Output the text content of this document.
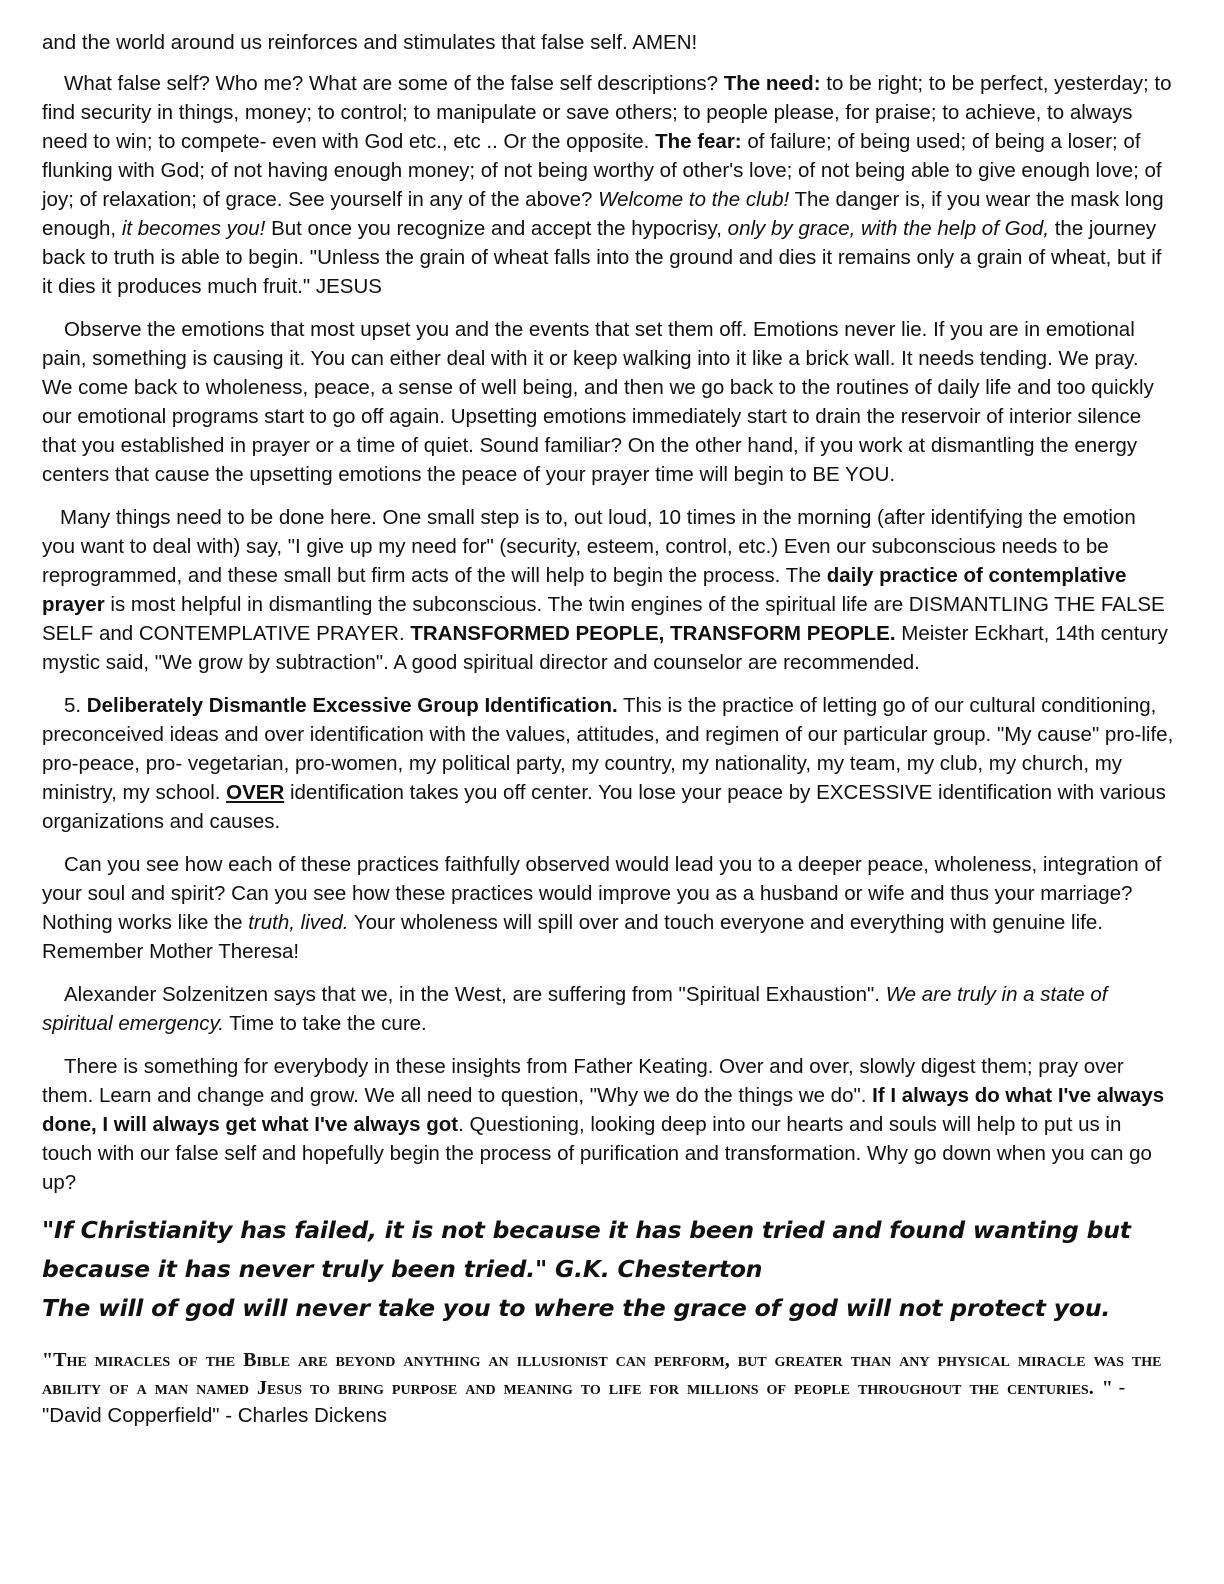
and the world around us reinforces and stimulates that false self. AMEN!

What false self? Who me? What are some of the false self descriptions? The need: to be right; to be perfect, yesterday; to find security in things, money; to control; to manipulate or save others; to people please, for praise; to achieve, to always need to win; to compete- even with God etc., etc .. Or the opposite. The fear: of failure; of being used; of being a loser; of flunking with God; of not having enough money; of not being worthy of other's love; of not being able to give enough love; of joy; of relaxation; of grace. See yourself in any of the above? Welcome to the club! The danger is, if you wear the mask long enough, it becomes you! But once you recognize and accept the hypocrisy, only by grace, with the help of God, the journey back to truth is able to begin. "Unless the grain of wheat falls into the ground and dies it remains only a grain of wheat, but if it dies it produces much fruit." JESUS

Observe the emotions that most upset you and the events that set them off. Emotions never lie. If you are in emotional pain, something is causing it. You can either deal with it or keep walking into it like a brick wall. It needs tending. We pray. We come back to wholeness, peace, a sense of well being, and then we go back to the routines of daily life and too quickly our emotional programs start to go off again. Upsetting emotions immediately start to drain the reservoir of interior silence that you established in prayer or a time of quiet. Sound familiar? On the other hand, if you work at dismantling the energy centers that cause the upsetting emotions the peace of your prayer time will begin to BE YOU.

Many things need to be done here. One small step is to, out loud, 10 times in the morning (after identifying the emotion you want to deal with) say, "I give up my need for" (security, esteem, control, etc.) Even our subconscious needs to be reprogrammed, and these small but firm acts of the will help to begin the process. The daily practice of contemplative prayer is most helpful in dismantling the subconscious. The twin engines of the spiritual life are DISMANTLING THE FALSE SELF and CONTEMPLATIVE PRAYER. TRANSFORMED PEOPLE, TRANSFORM PEOPLE. Meister Eckhart, 14th century mystic said, "We grow by subtraction". A good spiritual director and counselor are recommended.

5. Deliberately Dismantle Excessive Group Identification. This is the practice of letting go of our cultural conditioning, preconceived ideas and over identification with the values, attitudes, and regimen of our particular group. "My cause" pro-life, pro-peace, pro- vegetarian, pro-women, my political party, my country, my nationality, my team, my club, my church, my ministry, my school. OVER identification takes you off center. You lose your peace by EXCESSIVE identification with various organizations and causes.

Can you see how each of these practices faithfully observed would lead you to a deeper peace, wholeness, integration of your soul and spirit? Can you see how these practices would improve you as a husband or wife and thus your marriage? Nothing works like the truth, lived. Your wholeness will spill over and touch everyone and everything with genuine life. Remember Mother Theresa!

Alexander Solzenitzen says that we, in the West, are suffering from "Spiritual Exhaustion". We are truly in a state of spiritual emergency. Time to take the cure.

There is something for everybody in these insights from Father Keating. Over and over, slowly digest them; pray over them. Learn and change and grow. We all need to question, "Why we do the things we do". If I always do what I've always done, I will always get what I've always got. Questioning, looking deep into our hearts and souls will help to put us in touch with our false self and hopefully begin the process of purification and transformation. Why go down when you can go up?

"If Christianity has failed, it is not because it has been tried and found wanting but because it has never truly been tried." G.K. Chesterton
The will of god will never take you to where the grace of god will not protect you.
"The miracles of the Bible are beyond anything an illusionist can perform, but greater than any physical miracle was the ability of a man named Jesus to bring purpose and meaning to life for millions of people throughout the centuries. " - "David Copperfield" - Charles Dickens
